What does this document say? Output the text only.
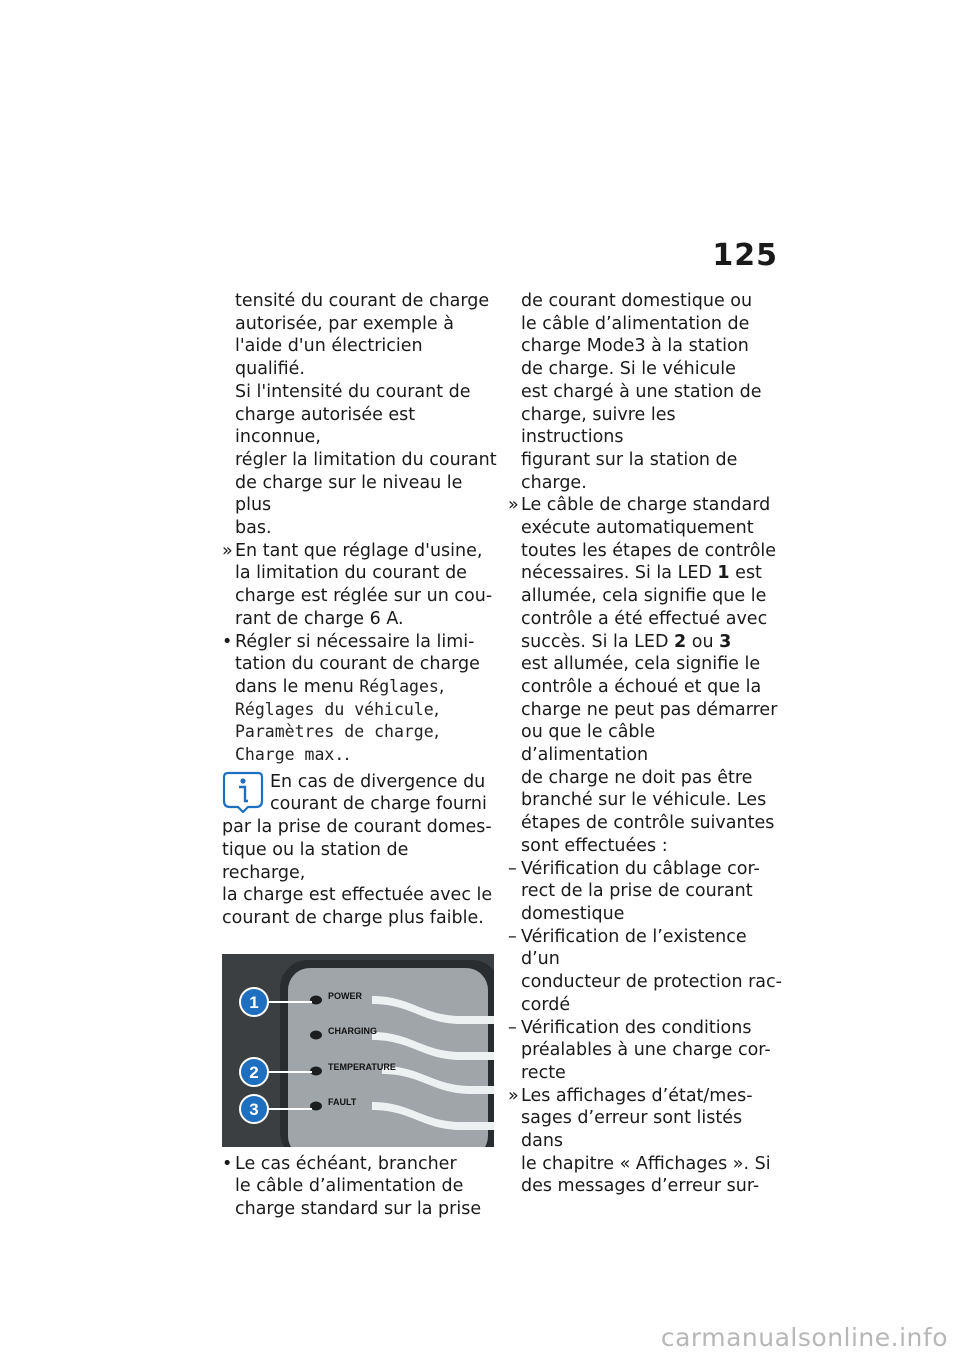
125
tensité du courant de charge
autorisée, par exemple à
l'aide d'un électricien qualifié.
Si l'intensité du courant de
charge autorisée est inconnue,
régler la limitation du courant
de charge sur le niveau le plus
bas.
» En tant que réglage d'usine,
la limitation du courant de
charge est réglée sur un cou-
rant de charge 6 A.
• Régler si nécessaire la limi-
tation du courant de charge
dans le menu Réglages,
Réglages du véhicule,
Paramètres de charge,
Charge max..
En cas de divergence du
courant de charge fourni
par la prise de courant domes-
tique ou la station de recharge,
la charge est effectuée avec le
courant de charge plus faible.
POWER
CHARGING
TEMPERATURE
FAULT
1
2
3
• Le cas échéant, brancher
le câble d’alimentation de
charge standard sur la prise
de courant domestique ou
le câble d’alimentation de
charge Mode3 à la station
de charge. Si le véhicule
est chargé à une station de
charge, suivre les instructions
figurant sur la station de
charge.
» Le câble de charge standard
exécute automatiquement
toutes les étapes de contrôle
nécessaires. Si la LED 1 est
allumée, cela signifie que le
contrôle a été effectué avec
succès. Si la LED 2 ou 3
est allumée, cela signifie le
contrôle a échoué et que la
charge ne peut pas démarrer
ou que le câble d’alimentation
de charge ne doit pas être
branché sur le véhicule. Les
étapes de contrôle suivantes
sont effectuées :
– Vérification du câblage cor-
rect de la prise de courant
domestique
– Vérification de l’existence d’un
conducteur de protection rac-
cordé
– Vérification des conditions
préalables à une charge cor-
recte
» Les affichages d’état/mes-
sages d’erreur sont listés dans
le chapitre « Affichages ». Si
des messages d’erreur sur-
carmanualsonline.info
